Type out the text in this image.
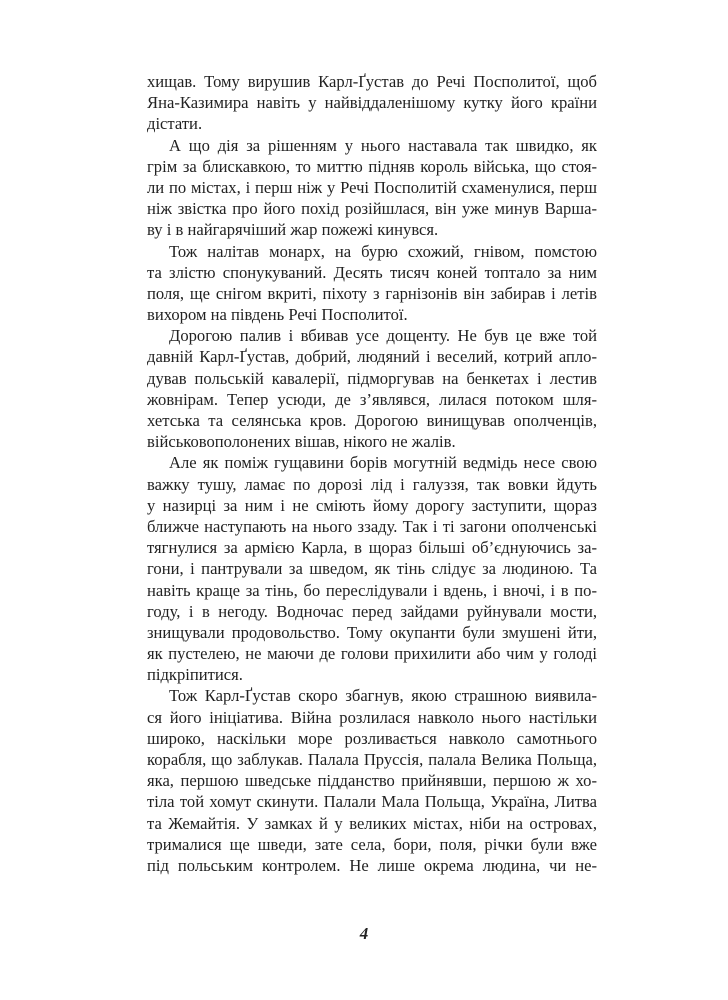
хищав. Тому вирушив Карл-Ґустав до Речі Посполитої, щоб
Яна-Казимира навіть у найвіддаленішому кутку його країни
дістати.
А що дія за рішенням у нього наставала так швидко, як
грім за блискавкою, то миттю підняв король війська, що стоя-
ли по містах, і перш ніж у Речі Посполитій схаменулися, перш
ніж звістка про його похід розійшлася, він уже минув Варша-
ву і в найгарячіший жар пожежі кинувся.
Тож налітав монарх, на бурю схожий, гнівом, помстою
та злістю спонукуваний. Десять тисяч коней топтало за ним
поля, ще снігом вкриті, піхоту з гарнізонів він забирав і летів
вихором на південь Речі Посполитої.
Дорогою палив і вбивав усе дощенту. Не був це вже той
давній Карл-Ґустав, добрий, людяний і веселий, котрий апло-
дував польській кавалерії, підморгував на бенкетах і лестив
жовнірам. Тепер усюди, де з’являвся, лилася потоком шля-
хетська та селянська кров. Дорогою винищував ополченців,
військовополонених вішав, нікого не жалів.
Але як поміж гущавини борів могутній ведмідь несе свою
важку тушу, ламає по дорозі лід і галуззя, так вовки йдуть
у назирці за ним і не сміють йому дорогу заступити, щораз
ближче наступають на нього ззаду. Так і ті загони ополченські
тягнулися за армією Карла, в щораз більші об’єднуючись за-
гони, і пантрували за шведом, як тінь слідує за людиною. Та
навіть краще за тінь, бо переслідували і вдень, і вночі, і в по-
году, і в негоду. Водночас перед зайдами руйнували мости,
знищували продовольство. Тому окупанти були змушені йти,
як пустелею, не маючи де голови прихилити або чим у голоді
підкріпитися.
Тож Карл-Ґустав скоро збагнув, якою страшною виявила-
ся його ініціатива. Війна розлилася навколо нього настільки
широко, наскільки море розливається навколо самотнього
корабля, що заблукав. Палала Пруссія, палала Велика Польща,
яка, першою шведське підданство прийнявши, першою ж хо-
тіла той хомут скинути. Палали Мала Польща, Україна, Литва
та Жемайтія. У замках й у великих містах, ніби на островах,
трималися ще шведи, зате села, бори, поля, річки були вже
під польським контролем. Не лише окрема людина, чи не-
4
